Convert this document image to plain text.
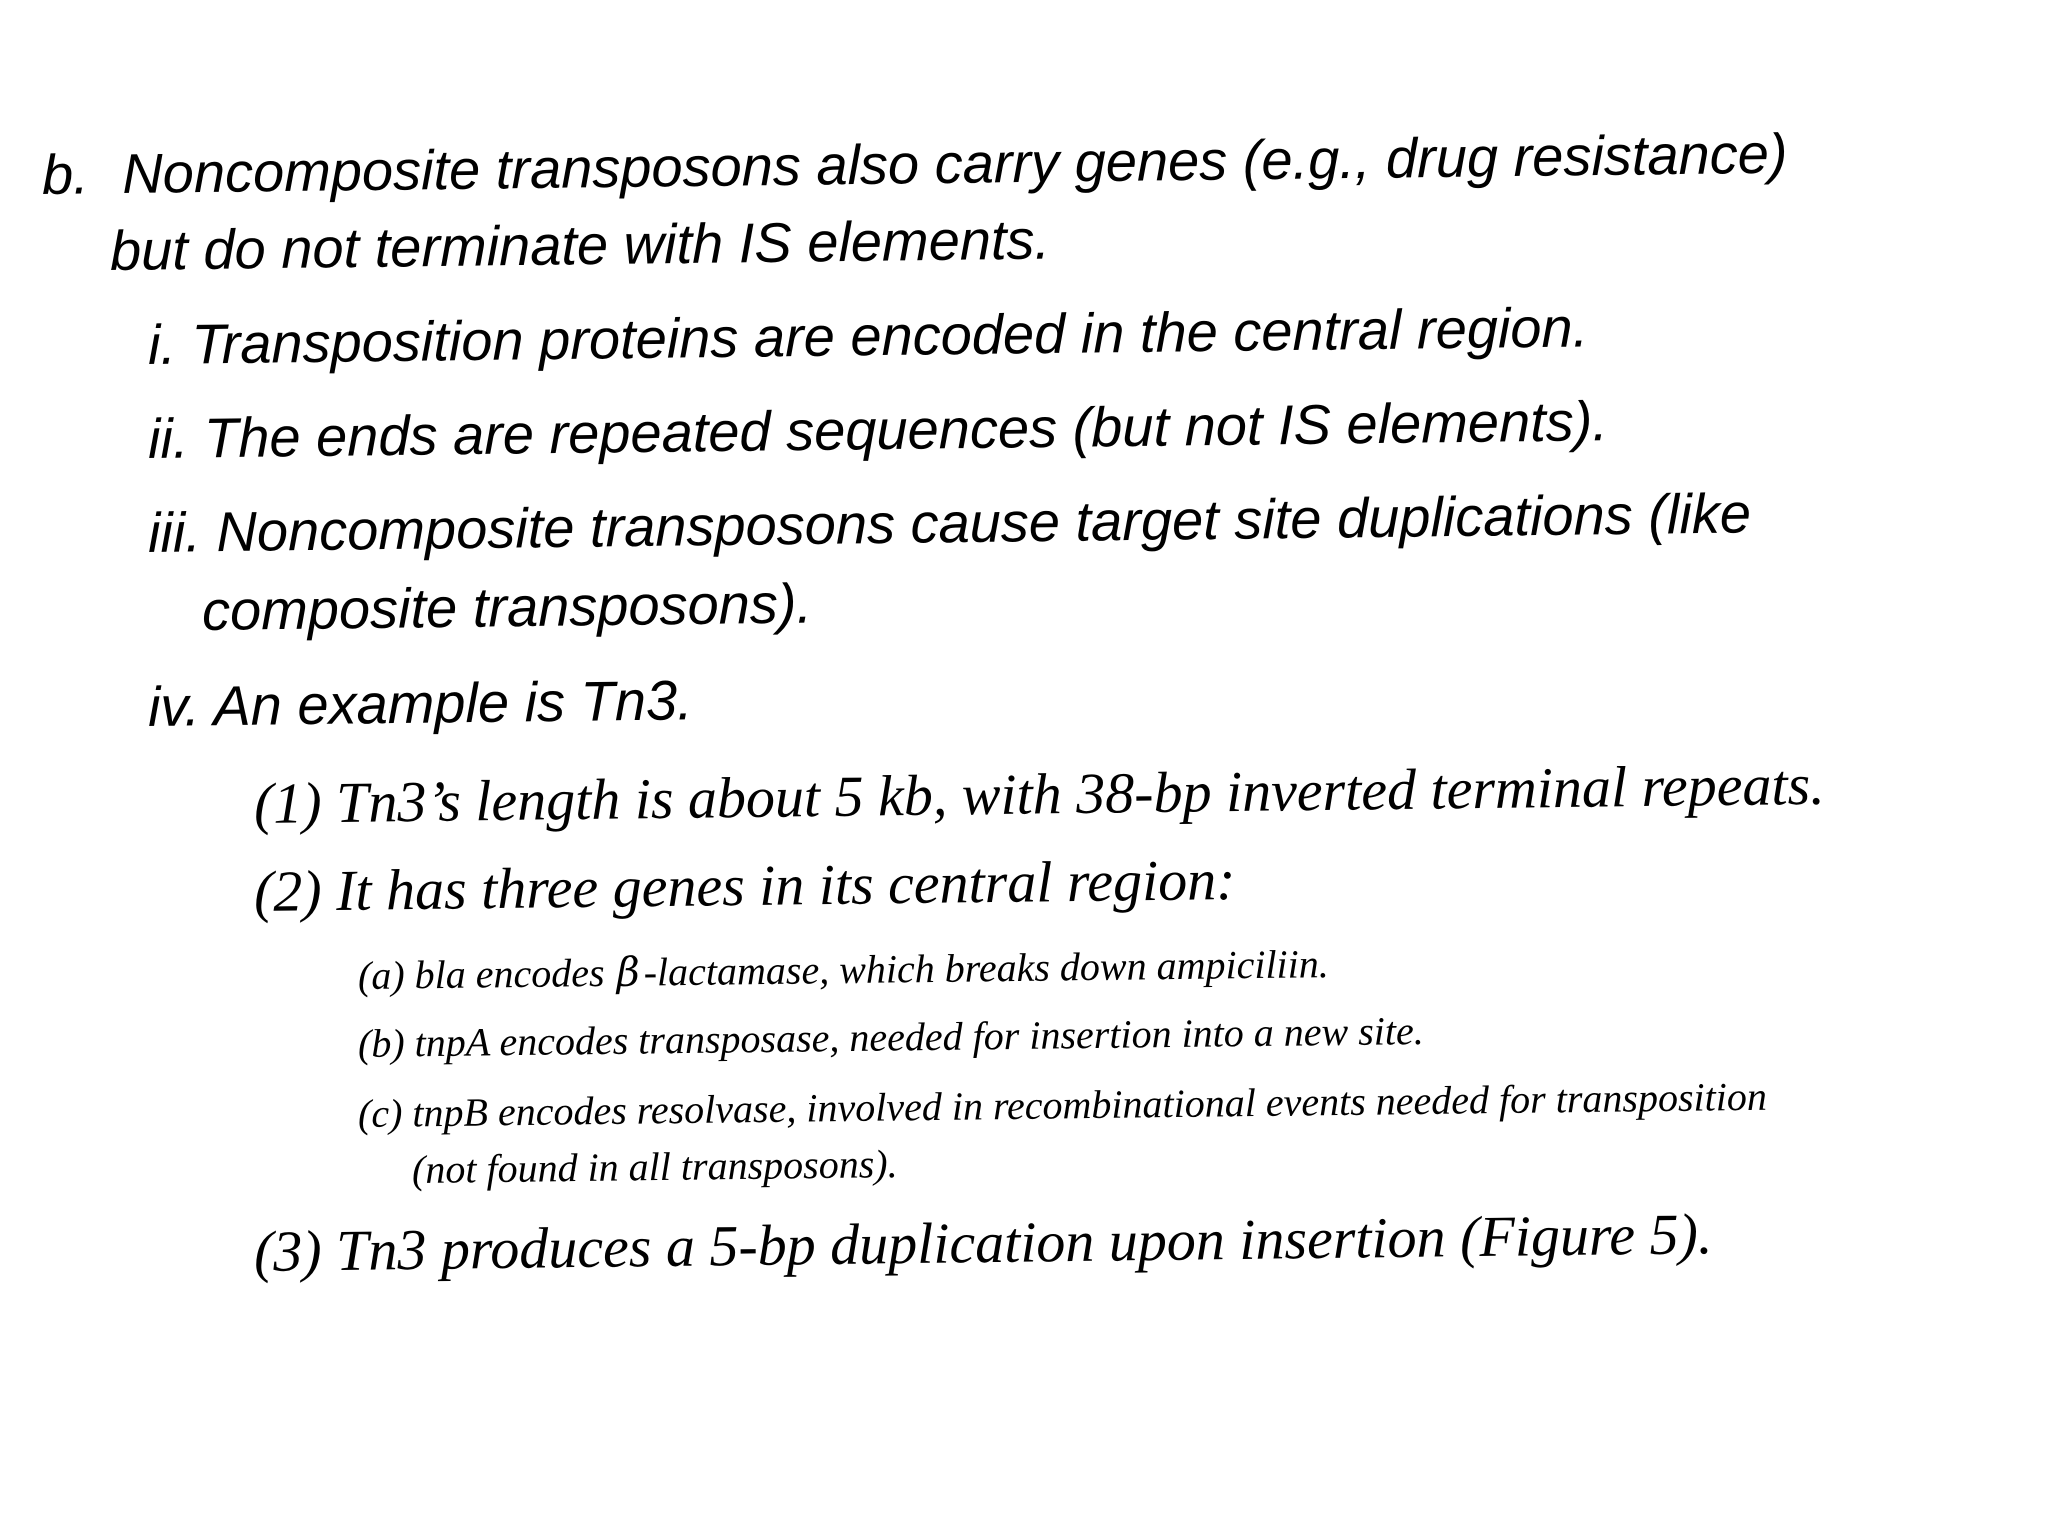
b. Noncomposite transposons also carry genes (e.g., drug resistance)
but do not terminate with IS elements.
i. Transposition proteins are encoded in the central region.
ii. The ends are repeated sequences (but not IS elements).
iii. Noncomposite transposons cause target site duplications (like
composite transposons).
iv. An example is Tn3.
(1) Tn3’s length is about 5 kb, with 38-bp inverted terminal repeats.
(2) It has three genes in its central region:
(a) bla encodes β-lactamase, which breaks down ampiciliin.
(b) tnpA encodes transposase, needed for insertion into a new site.
(c) tnpB encodes resolvase, involved in recombinational events needed for transposition
(not found in all transposons).
(3) Tn3 produces a 5-bp duplication upon insertion (Figure 5).
